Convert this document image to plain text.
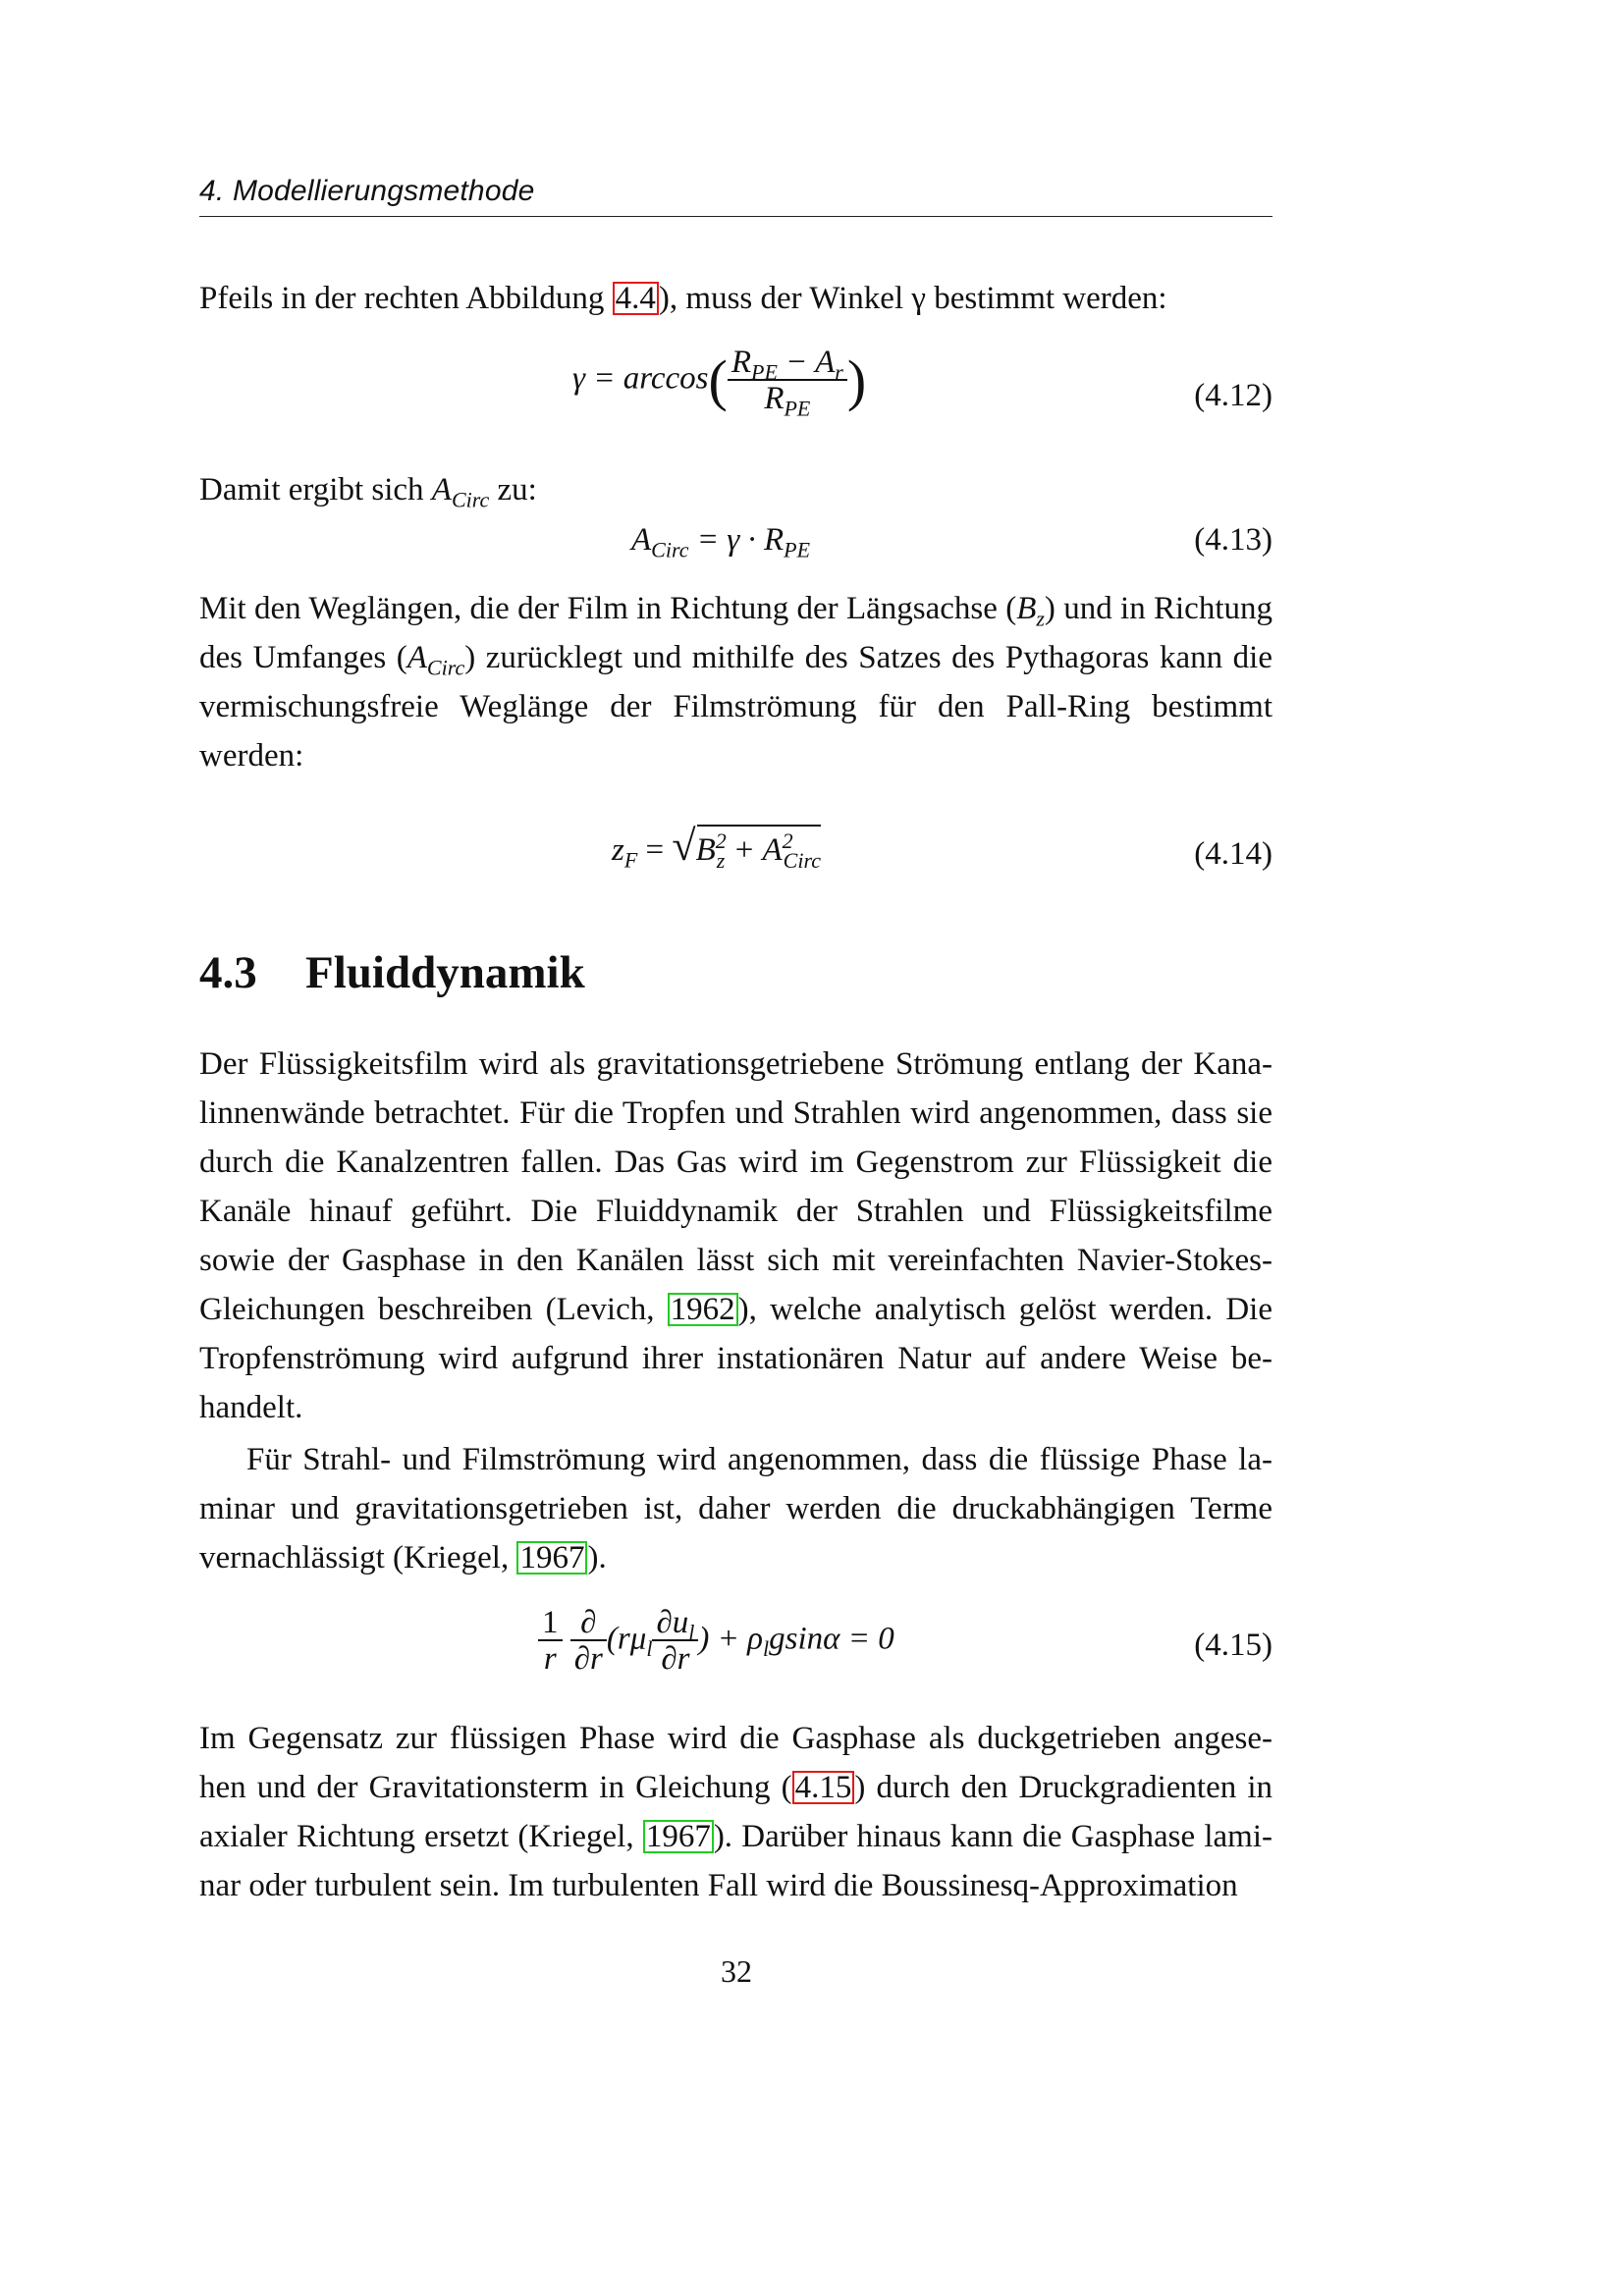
4. Modellierungsmethode
Pfeils in der rechten Abbildung 4.4), muss der Winkel γ bestimmt werden:
$\gamma = \arccos( \frac{R_{PE} - A_r}{R_{PE}}$ )	(4.12)
Damit ergibt sich $A_{Circ}$ zu:
$A_{Circ} = \gamma \cdot R_{PE}$	(4.13)
Mit den Weglängen, die der Film in Richtung der Längsachse $(B_z)$ und in Richtung des Umfanges $(A_{Circ})$ zurücklegt und mithilfe des Satzes des Pythagoras kann die vermischungsfreie Weglänge der Filmströmung für den Pall-Ring bestimmt werden:
$z_F$ =
$√B^2_z + A^2_{Circ}$	(4.14)
4.3 Fluiddynamik
Der Flüssigkeitsfilm wird als gravitationsgetriebene Strömung entlang der Kana-linnenwände betrachtet. Für die Tropfen und Strahlen wird angenommen, dass sie durch die Kanalzentren fallen. Das Gas wird im Gegenstrom zur Flüssigkeit die Kanäle hinauf geführt. Die Fluiddynamik der Strahlen und Flüssigkeitsfilme sowie der Gasphase in den Kanälen lässt sich mit vereinfachten Navier-Stokes-Gleichungen beschreiben (Levich, 1962), welche analytisch gelöst werden. Die Tropfenströmung wird aufgrund ihrer instationären Natur auf andere Weise be-handelt.
Für Strahl- und Filmströmung wird angenommen, dass die flüssige Phase la-minar und gravitationsgetrieben ist, daher werden die druckabhängigen Terme vernachlässigt (Kriegel, 1967).
$\frac{1}{r}$
$\frac{\partial}{\partial r} (r\mu_l \frac{\partial u_l}{\partial r}$ ) + $\rho_lgsin\alpha = 0$	(4.15)
Im Gegensatz zur flüssigen Phase wird die Gasphase als duckgetrieben angese-hen und der Gravitationsterm in Gleichung (4.15) durch den Druckgradienten in axialer Richtung ersetzt (Kriegel, 1967). Darüber hinaus kann die Gasphase lami-nar oder turbulent sein. Im turbulenten Fall wird die Boussinesq-Approximation
32
